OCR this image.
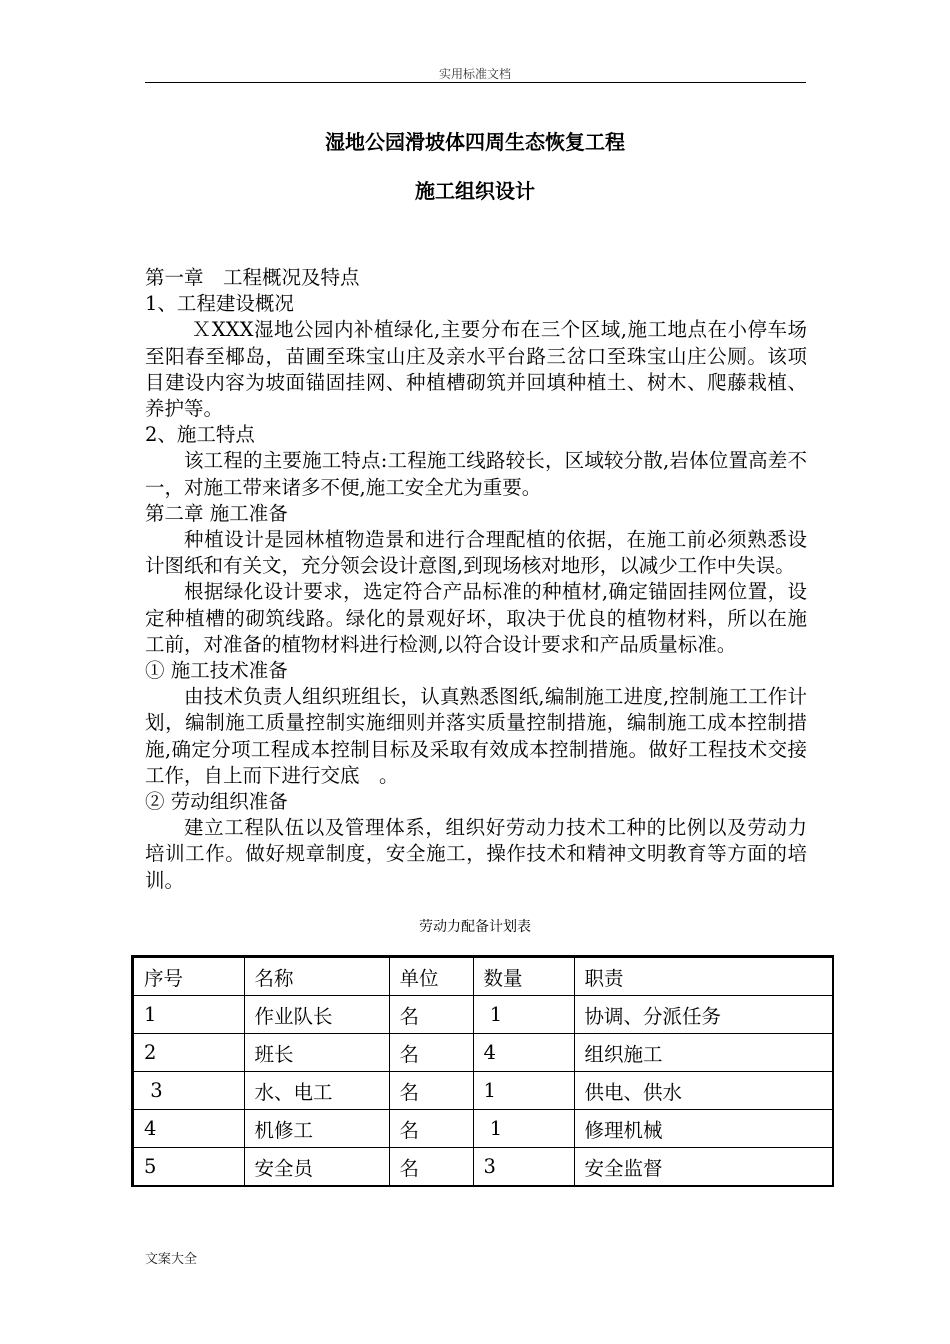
实用标准文档
湿地公园滑坡体四周生态恢复工程
施工组织设计

第一章　工程概况及特点

1、工程建设概况

ＸXXX湿地公园内补植绿化,主要分布在三个区域,施工地点在小停车场至阳春至椰岛，苗圃至珠宝山庄及亲水平台路三岔口至珠宝山庄公厕。该项目建设内容为坡面锚固挂网、种植槽砌筑并回填种植土、树木、爬藤栽植、养护等。

2、施工特点

该工程的主要施工特点:工程施工线路较长，区域较分散,岩体位置高差不一，对施工带来诸多不便,施工安全尤为重要。

第二章 施工准备

种植设计是园林植物造景和进行合理配植的依据，在施工前必须熟悉设计图纸和有关文，充分领会设计意图,到现场核对地形，以减少工作中失误。

根据绿化设计要求，选定符合产品标准的种植材,确定锚固挂网位置，设定种植槽的砌筑线路。绿化的景观好坏，取决于优良的植物材料，所以在施工前，对准备的植物材料进行检测,以符合设计要求和产品质量标准。

① 施工技术准备

由技术负责人组织班组长，认真熟悉图纸,编制施工进度,控制施工工作计划，编制施工质量控制实施细则并落实质量控制措施，编制施工成本控制措施,确定分项工程成本控制目标及采取有效成本控制措施。做好工程技术交接工作，自上而下进行交底　。

② 劳动组织准备

建立工程队伍以及管理体系，组织好劳动力技术工种的比例以及劳动力培训工作。做好规章制度，安全施工，操作技术和精神文明教育等方面的培训。

劳动力配备计划表
序号	名称	单位	数量	职责
1	作业队长	名	1	协调、分派任务
2	班长	名	4	组织施工
3	水、电工	名	1	供电、供水
4	机修工	名	1	修理机械
5	安全员	名	3	安全监督
文案大全
